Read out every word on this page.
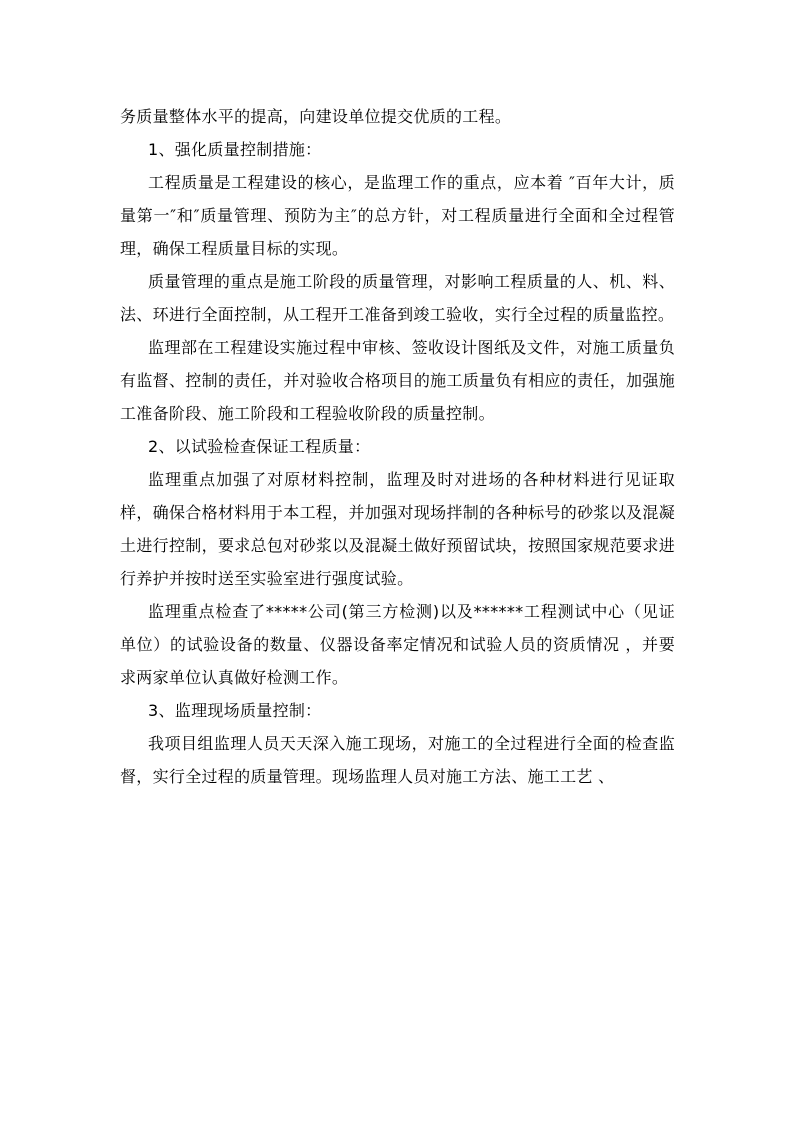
务质量整体水平的提高，向建设单位提交优质的工程。

1、强化质量控制措施：

工程质量是工程建设的核心，是监理工作的重点，应本着 ″百年大计，质量第一″和″质量管理、预防为主″的总方针，对工程质量进行全面和全过程管理，确保工程质量目标的实现。

质量管理的重点是施工阶段的质量管理，对影响工程质量的人、机、料、法、环进行全面控制，从工程开工准备到竣工验收，实行全过程的质量监控。

监理部在工程建设实施过程中审核、签收设计图纸及文件，对施工质量负有监督、控制的责任，并对验收合格项目的施工质量负有相应的责任，加强施工准备阶段、施工阶段和工程验收阶段的质量控制。

2、以试验检查保证工程质量：

监理重点加强了对原材料控制，监理及时对进场的各种材料进行见证取样，确保合格材料用于本工程，并加强对现场拌制的各种标号的砂浆以及混凝土进行控制，要求总包对砂浆以及混凝土做好预留试块，按照国家规范要求进行养护并按时送至实验室进行强度试验。

监理重点检查了*****公司(第三方检测)以及******工程测试中心（见证单位）的试验设备的数量、仪器设备率定情况和试验人员的资质情况 ，并要求两家单位认真做好检测工作。

3、监理现场质量控制：

我项目组监理人员天天深入施工现场，对施工的全过程进行全面的检查监督，实行全过程的质量管理。现场监理人员对施工方法、施工工艺 、
